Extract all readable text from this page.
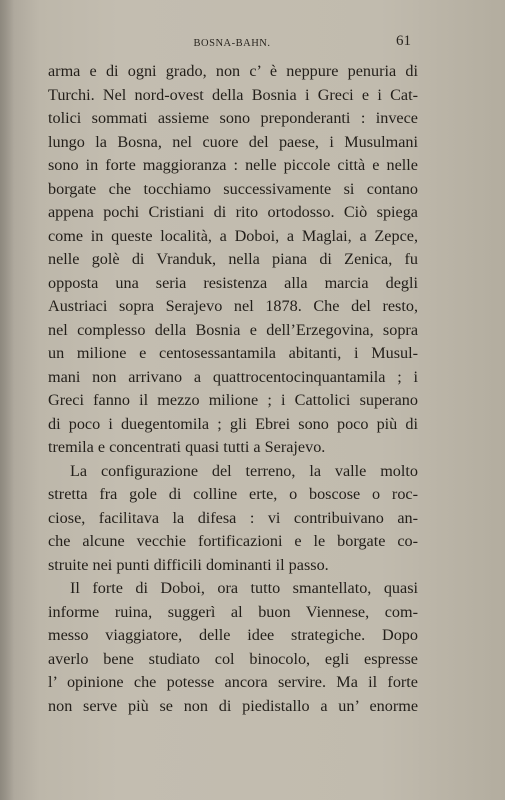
BOSNA-BAHN.	61
arma e di ogni grado, non c’ è neppure penuria di
Turchi. Nel nord-ovest della Bosnia i Greci e i Cat-
tolici sommati assieme sono preponderanti : invece
lungo la Bosna, nel cuore del paese, i Musulmani
sono in forte maggioranza : nelle piccole città e nelle
borgate che tocchiamo successivamente si contano
appena pochi Cristiani di rito ortodosso. Ciò spiega
come in queste località, a Doboi, a Maglai, a Zepce,
nelle golè di Vranduk, nella piana di Zenica, fu
opposta una seria resistenza alla marcia degli
Austriaci sopra Serajevo nel 1878. Che del resto,
nel complesso della Bosnia e dell’Erzegovina, sopra
un milione e centosessantamila abitanti, i Musul-
mani non arrivano a quattrocentocinquantamila ; i
Greci fanno il mezzo milione ; i Cattolici superano
di poco i duegentomila ; gli Ebrei sono poco più di
tremila e concentrati quasi tutti a Serajevo.
La configurazione del terreno, la valle molto
stretta fra gole di colline erte, o boscose o roc-
ciose, facilitava la difesa : vi contribuivano an-
che alcune vecchie fortificazioni e le borgate co-
struite nei punti difficili dominanti il passo.
Il forte di Doboi, ora tutto smantellato, quasi
informe ruina, suggerì al buon Viennese, com-
messo viaggiatore, delle idee strategiche. Dopo
averlo bene studiato col binocolo, egli espresse
l’ opinione che potesse ancora servire. Ma il forte
non serve più se non di piedistallo a un’ enorme
